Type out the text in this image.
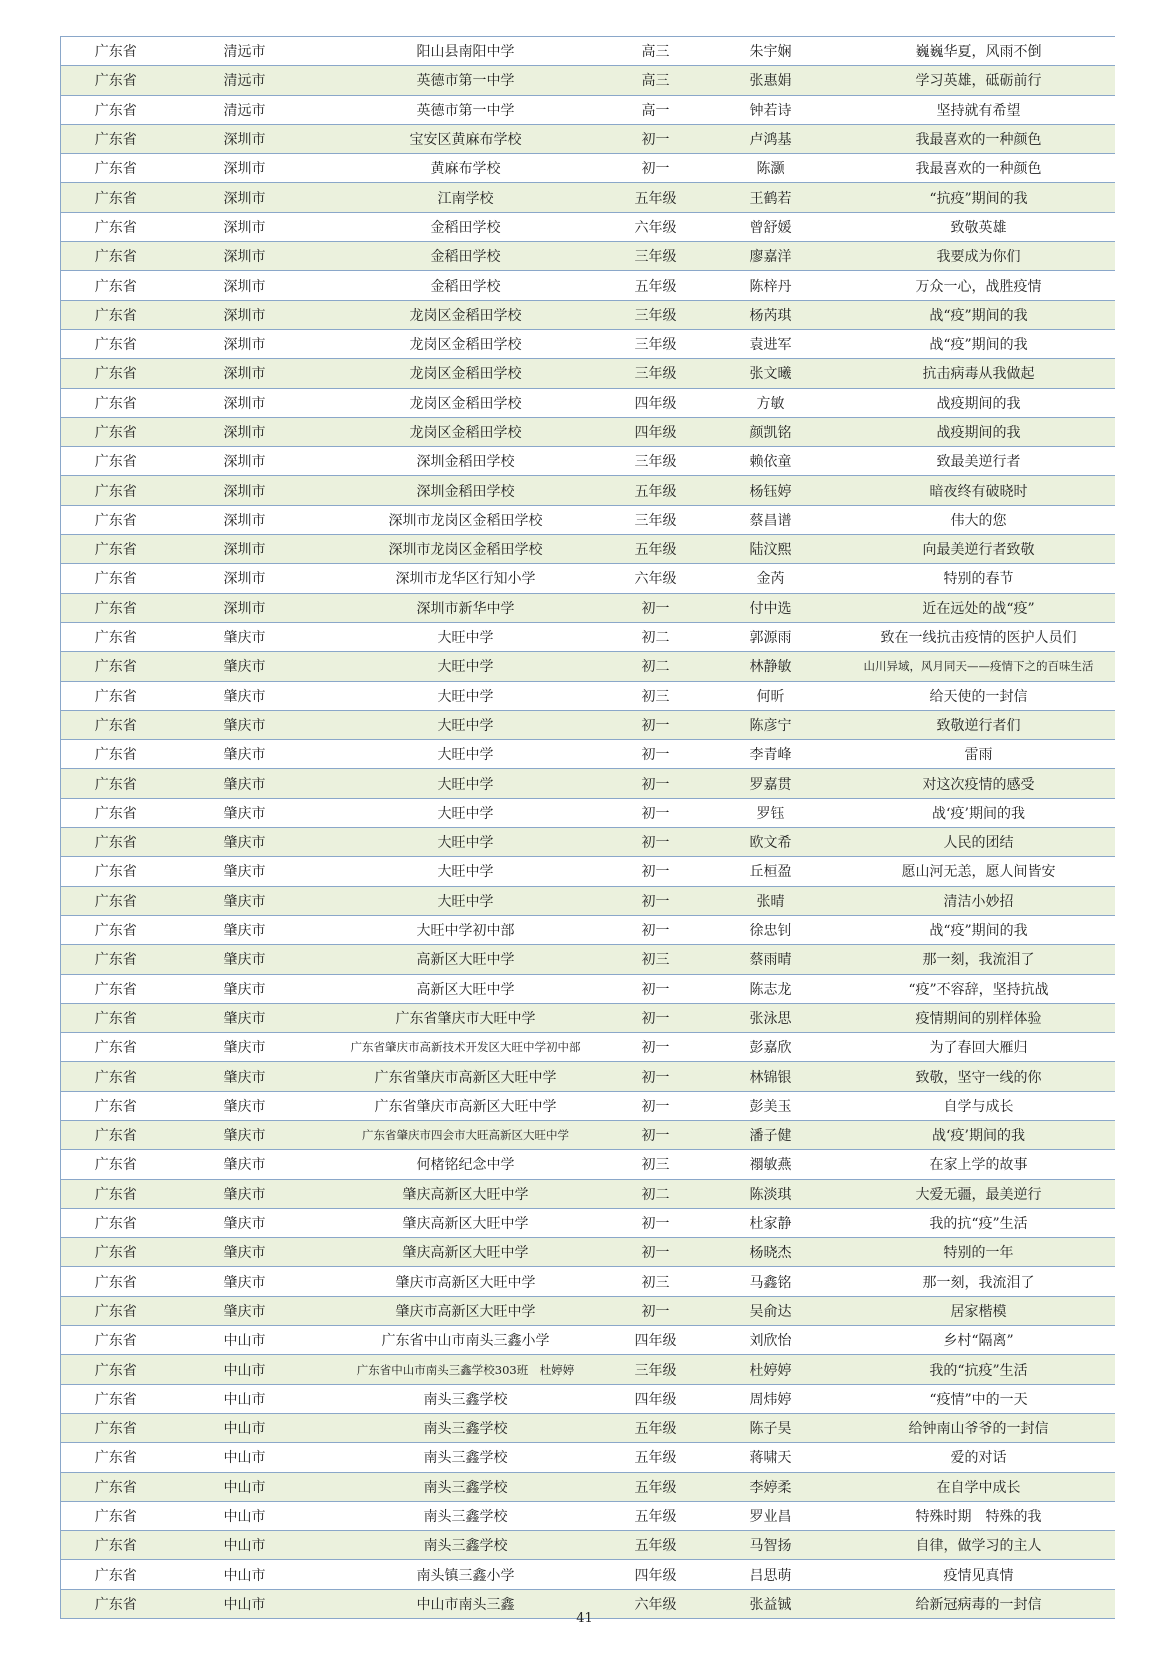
广东省	清远市	阳山县南阳中学	高三	朱宇娴	巍巍华夏，风雨不倒
广东省	清远市	英德市第一中学	高三	张惠娟	学习英雄，砥砺前行
广东省	清远市	英德市第一中学	高一	钟若诗	坚持就有希望
广东省	深圳市	宝安区黄麻布学校	初一	卢鸿基	我最喜欢的一种颜色
广东省	深圳市	黄麻布学校	初一	陈灏	我最喜欢的一种颜色
广东省	深圳市	江南学校	五年级	王鹤若	“抗疫”期间的我
广东省	深圳市	金稻田学校	六年级	曾舒媛	致敬英雄
广东省	深圳市	金稻田学校	三年级	廖嘉洋	我要成为你们
广东省	深圳市	金稻田学校	五年级	陈梓丹	万众一心，战胜疫情
广东省	深圳市	龙岗区金稻田学校	三年级	杨芮琪	战“疫”期间的我
广东省	深圳市	龙岗区金稻田学校	三年级	袁进军	战“疫”期间的我
广东省	深圳市	龙岗区金稻田学校	三年级	张文曦	抗击病毒从我做起
广东省	深圳市	龙岗区金稻田学校	四年级	方敏	战疫期间的我
广东省	深圳市	龙岗区金稻田学校	四年级	颜凯铭	战疫期间的我
广东省	深圳市	深圳金稻田学校	三年级	赖依童	致最美逆行者
广东省	深圳市	深圳金稻田学校	五年级	杨钰婷	暗夜终有破晓时
广东省	深圳市	深圳市龙岗区金稻田学校	三年级	蔡昌谱	伟大的您
广东省	深圳市	深圳市龙岗区金稻田学校	五年级	陆汶熙	向最美逆行者致敬
广东省	深圳市	深圳市龙华区行知小学	六年级	金芮	特别的春节
广东省	深圳市	深圳市新华中学	初一	付中选	近在远处的战“疫”
广东省	肇庆市	大旺中学	初二	郭源雨	致在一线抗击疫情的医护人员们
广东省	肇庆市	大旺中学	初二	林静敏	山川异域，风月同天——疫情下之的百味生活
广东省	肇庆市	大旺中学	初三	何昕	给天使的一封信
广东省	肇庆市	大旺中学	初一	陈彦宁	致敬逆行者们
广东省	肇庆市	大旺中学	初一	李青峰	雷雨
广东省	肇庆市	大旺中学	初一	罗嘉贯	对这次疫情的感受
广东省	肇庆市	大旺中学	初一	罗钰	战‘疫’期间的我
广东省	肇庆市	大旺中学	初一	欧文希	人民的团结
广东省	肇庆市	大旺中学	初一	丘桓盈	愿山河无恙，愿人间皆安
广东省	肇庆市	大旺中学	初一	张晴	清洁小妙招
广东省	肇庆市	大旺中学初中部	初一	徐忠钊	战“疫”期间的我
广东省	肇庆市	高新区大旺中学	初三	蔡雨晴	那一刻，我流泪了
广东省	肇庆市	高新区大旺中学	初一	陈志龙	“疫”不容辞，坚持抗战
广东省	肇庆市	广东省肇庆市大旺中学	初一	张泳思	疫情期间的别样体验
广东省	肇庆市	广东省肇庆市高新技术开发区大旺中学初中部	初一	彭嘉欣	为了春回大雁归
广东省	肇庆市	广东省肇庆市高新区大旺中学	初一	林锦银	致敬，坚守一线的你
广东省	肇庆市	广东省肇庆市高新区大旺中学	初一	彭美玉	自学与成长
广东省	肇庆市	广东省肇庆市四会市大旺高新区大旺中学	初一	潘子健	战‘疫’期间的我
广东省	肇庆市	何楮铭纪念中学	初三	禤敏燕	在家上学的故事
广东省	肇庆市	肇庆高新区大旺中学	初二	陈淡琪	大爱无疆，最美逆行
广东省	肇庆市	肇庆高新区大旺中学	初一	杜家静	我的抗“疫”生活
广东省	肇庆市	肇庆高新区大旺中学	初一	杨晓杰	特别的一年
广东省	肇庆市	肇庆市高新区大旺中学	初三	马鑫铭	那一刻，我流泪了
广东省	肇庆市	肇庆市高新区大旺中学	初一	吴俞达	居家楷模
广东省	中山市	广东省中山市南头三鑫小学	四年级	刘欣怡	乡村“隔离”
广东省	中山市	广东省中山市南头三鑫学校303班　杜婷婷	三年级	杜婷婷	我的“抗疫”生活
广东省	中山市	南头三鑫学校	四年级	周炜婷	“疫情”中的一天
广东省	中山市	南头三鑫学校	五年级	陈子昊	给钟南山爷爷的一封信
广东省	中山市	南头三鑫学校	五年级	蒋啸天	爱的对话
广东省	中山市	南头三鑫学校	五年级	李婷柔	在自学中成长
广东省	中山市	南头三鑫学校	五年级	罗业昌	特殊时期　特殊的我
广东省	中山市	南头三鑫学校	五年级	马智扬	自律，做学习的主人
广东省	中山市	南头镇三鑫小学	四年级	吕思萌	疫情见真情
广东省	中山市	中山市南头三鑫	六年级	张益铖	给新冠病毒的一封信
41
